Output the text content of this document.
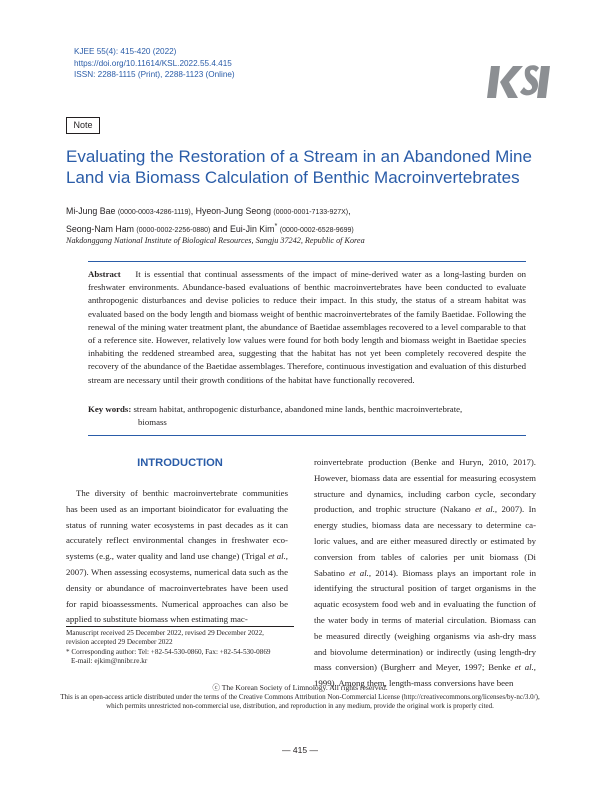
KJEE 55(4): 415-420 (2022)
https://doi.org/10.11614/KSL.2022.55.4.415
ISSN: 2288-1115 (Print), 2288-1123 (Online)
Note
Evaluating the Restoration of a Stream in an Abandoned Mine Land via Biomass Calculation of Benthic Macroinvertebrates
Mi-Jung Bae (0000-0003-4286-1119), Hyeon-Jung Seong (0000-0001-7133-927X),
Seong-Nam Ham (0000-0002-2256-0880) and Eui-Jin Kim* (0000-0002-6528-9699)
Nakdonggang National Institute of Biological Resources, Sangju 37242, Republic of Korea

Abstract It is essential that continual assessments of the impact of mine-derived water as a long-lasting burden on freshwater environments. Abundance-based evaluations of benthic macroinvertebrates have been conducted to evaluate anthropogenic disturbances and devise policies to reduce their impact. In this study, the status of a stream habitat was evaluated based on the body length and biomass weight of benthic macroinvertebrates of the family Baetidae. Following the renewal of the mining water treatment plant, the abundance of Baetidae assemblages recovered to a level comparable to that of a reference site. However, relatively low values were found for both body length and biomass weight in Baetidae species inhabiting the reddened streambed area, suggesting that the habitat has not yet been completely recovered despite the recovery of the abundance of the Baetidae assemblages. Therefore, continuous investigation and evaluation of this disturbed stream are necessary until their growth conditions of the habitat have functionally recovered.

Key words: stream habitat, anthropogenic disturbance, abandoned mine lands, benthic macroinvertebrate,
biomass
INTRODUCTION

The diversity of benthic macroinvertebrate communities has been used as an important bioindicator for evaluating the status of running water ecosystems in past decades as it can accurately reflect environmental changes in freshwater eco-systems (e.g., water quality and land use change) (Trigal et al., 2007). When assessing ecosystems, numerical data such as the density or abundance of macroinvertebrates have been used for rapid bioassessments. Numerical approaches can also be applied to substitute biomass when estimating mac-

roinvertebrate production (Benke and Huryn, 2010, 2017). However, biomass data are essential for measuring ecosystem structure and dynamics, including carbon cycle, secondary production, and trophic structure (Nakano et al., 2007). In energy studies, biomass data are necessary to determine ca-loric values, and are either measured directly or estimated by conversion from tables of calories per unit biomass (Di Sabatino et al., 2014). Biomass plays an important role in identifying the structural position of target organisms in the aquatic ecosystem food web and in evaluating the function of the water body in terms of material circulation. Biomass can be measured directly (weighing organisms via ash-dry mass and biovolume determination) or indirectly (using length-dry mass conversion) (Burgherr and Meyer, 1997; Benke et al., 1999). Among them, length-mass conversions have been

Manuscript received 25 December 2022, revised 29 December 2022,
revision accepted 29 December 2022
* Corresponding author: Tel: +82-54-530-0860, Fax: +82-54-530-0869
E-mail: ejkim@nnibr.re.kr
ⓒ The Korean Society of Limnology. All rights reserved.
This is an open-access article distributed under the terms of the Creative Commons Attribution Non-Commercial License (http://creativecommons.org/licenses/by-nc/3.0/),
which permits unrestricted non-commercial use, distribution, and reproduction in any medium, provide the original work is properly cited.
— 415 —
